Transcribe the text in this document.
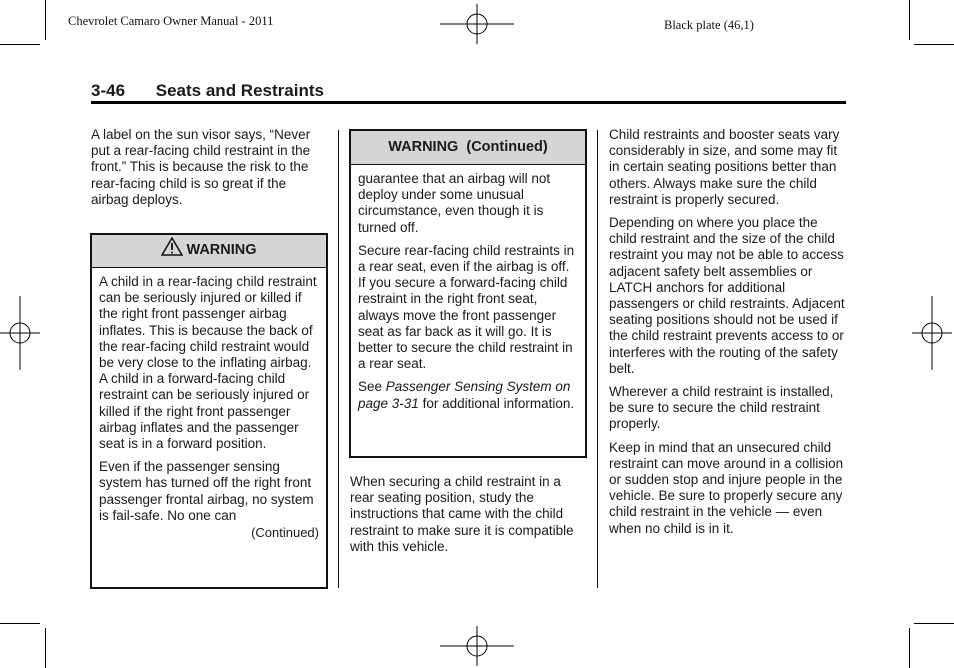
Chevrolet Camaro Owner Manual - 2011	Black plate (46,1)
3-46 Seats and Restraints

A label on the sun visor says, “Never put a rear-facing child restraint in the front.” This is because the risk to the rear-facing child is so great if the airbag deploys.

WARNING

A child in a rear-facing child restraint can be seriously injured or killed if the right front passenger airbag inflates. This is because the back of the rear-facing child restraint would be very close to the inflating airbag. A child in a forward-facing child restraint can be seriously injured or killed if the right front passenger airbag inflates and the passenger seat is in a forward position.

Even if the passenger sensing system has turned off the right front passenger frontal airbag, no system is fail-safe. No one can

(Continued)
WARNING  (Continued)

guarantee that an airbag will not deploy under some unusual circumstance, even though it is turned off.

Secure rear-facing child restraints in a rear seat, even if the airbag is off. If you secure a forward-facing child restraint in the right front seat, always move the front passenger seat as far back as it will go. It is better to secure the child restraint in a rear seat.

See Passenger Sensing System on page 3-31 for additional information.

When securing a child restraint in a rear seating position, study the instructions that came with the child restraint to make sure it is compatible with this vehicle.

Child restraints and booster seats vary considerably in size, and some may fit in certain seating positions better than others. Always make sure the child restraint is properly secured.

Depending on where you place the child restraint and the size of the child restraint you may not be able to access adjacent safety belt assemblies or LATCH anchors for additional passengers or child restraints. Adjacent seating positions should not be used if the child restraint prevents access to or interferes with the routing of the safety belt.

Wherever a child restraint is installed, be sure to secure the child restraint properly.

Keep in mind that an unsecured child restraint can move around in a collision or sudden stop and injure people in the vehicle. Be sure to properly secure any child restraint in the vehicle — even when no child is in it.
